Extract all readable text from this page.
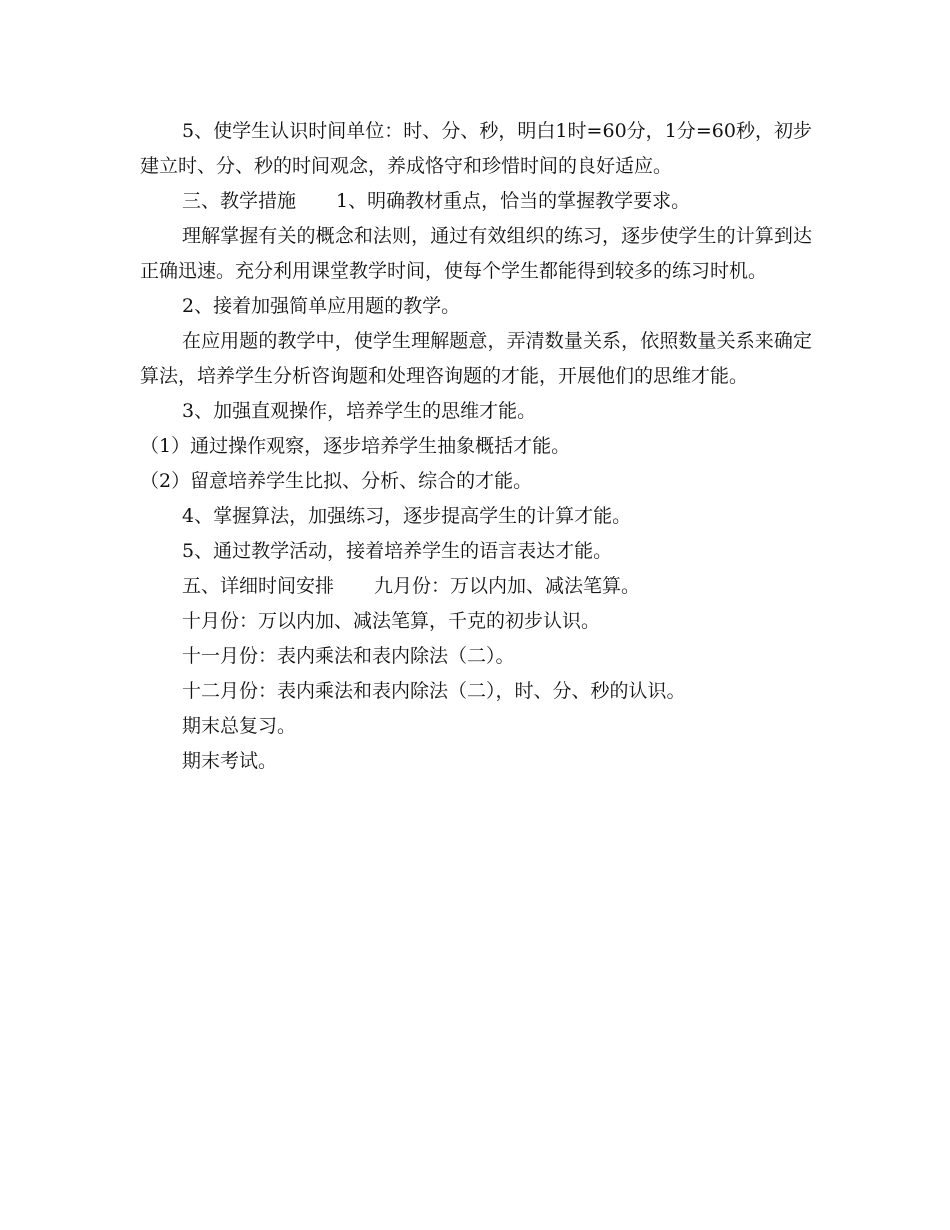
5、使学生认识时间单位：时、分、秒，明白1时=60分，1分=60秒，初步建立时、分、秒的时间观念，养成恪守和珍惜时间的良好适应。

三、教学措施 1、明确教材重点，恰当的掌握教学要求。

理解掌握有关的概念和法则，通过有效组织的练习，逐步使学生的计算到达正确迅速。充分利用课堂教学时间，使每个学生都能得到较多的练习时机。

2、接着加强简单应用题的教学。

在应用题的教学中，使学生理解题意，弄清数量关系，依照数量关系来确定算法，培养学生分析咨询题和处理咨询题的才能，开展他们的思维才能。

3、加强直观操作，培养学生的思维才能。

（1）通过操作观察，逐步培养学生抽象概括才能。

（2）留意培养学生比拟、分析、综合的才能。

4、掌握算法，加强练习，逐步提高学生的计算才能。

5、通过教学活动，接着培养学生的语言表达才能。

五、详细时间安排 九月份：万以内加、减法笔算。

十月份：万以内加、减法笔算，千克的初步认识。

十一月份：表内乘法和表内除法（二）。

十二月份：表内乘法和表内除法（二），时、分、秒的认识。

期末总复习。

期末考试。
